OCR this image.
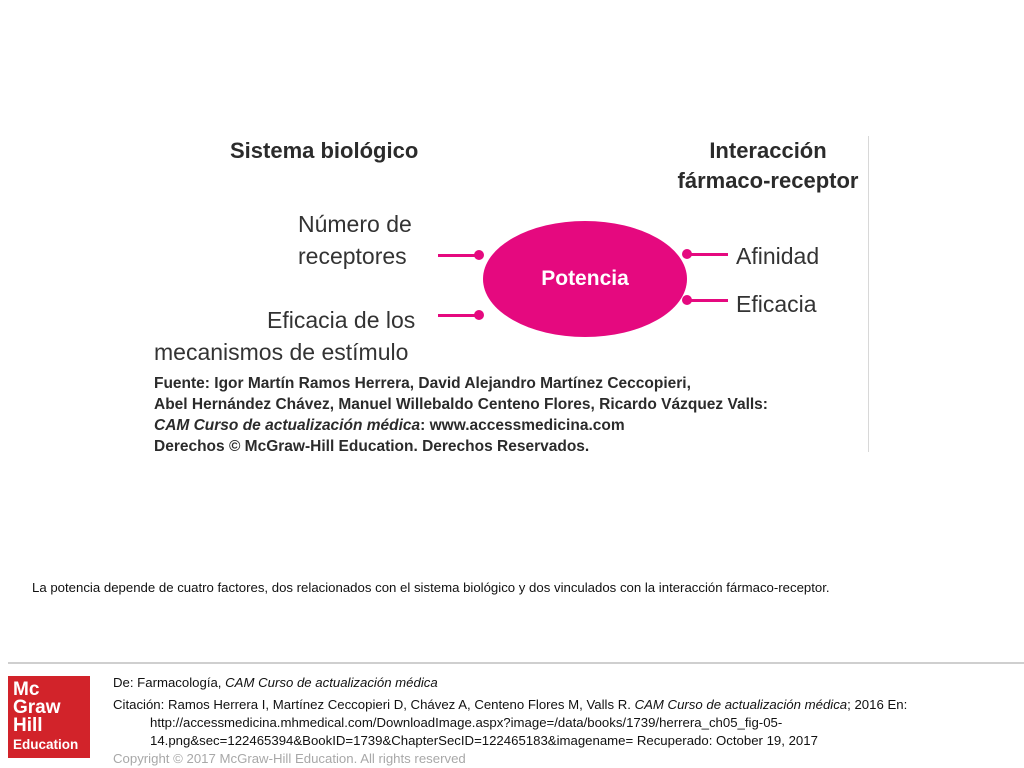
Sistema biológico	Interacción
fármaco-receptor
Número de
receptores
Eficacia de los
mecanismos de estímulo
Afinidad
Eficacia
Potencia
Fuente: Igor Martín Ramos Herrera, David Alejandro Martínez Ceccopieri,
Abel Hernández Chávez, Manuel Willebaldo Centeno Flores, Ricardo Vázquez Valls:
CAM Curso de actualización médica: www.accessmedicina.com
Derechos © McGraw-Hill Education. Derechos Reservados.
La potencia depende de cuatro factores, dos relacionados con el sistema biológico y dos vinculados con la interacción fármaco-receptor.
Mc
Graw
Hill
Education
De: Farmacología, CAM Curso de actualización médica
Citación: Ramos Herrera I, Martínez Ceccopieri D, Chávez A, Centeno Flores M, Valls R. CAM Curso de actualización médica; 2016 En:
http://accessmedicina.mhmedical.com/DownloadImage.aspx?image=/data/books/1739/herrera_ch05_fig-05-
14.png&sec=122465394&BookID=1739&ChapterSecID=122465183&imagename= Recuperado: October 19, 2017
Copyright © 2017 McGraw-Hill Education. All rights reserved
